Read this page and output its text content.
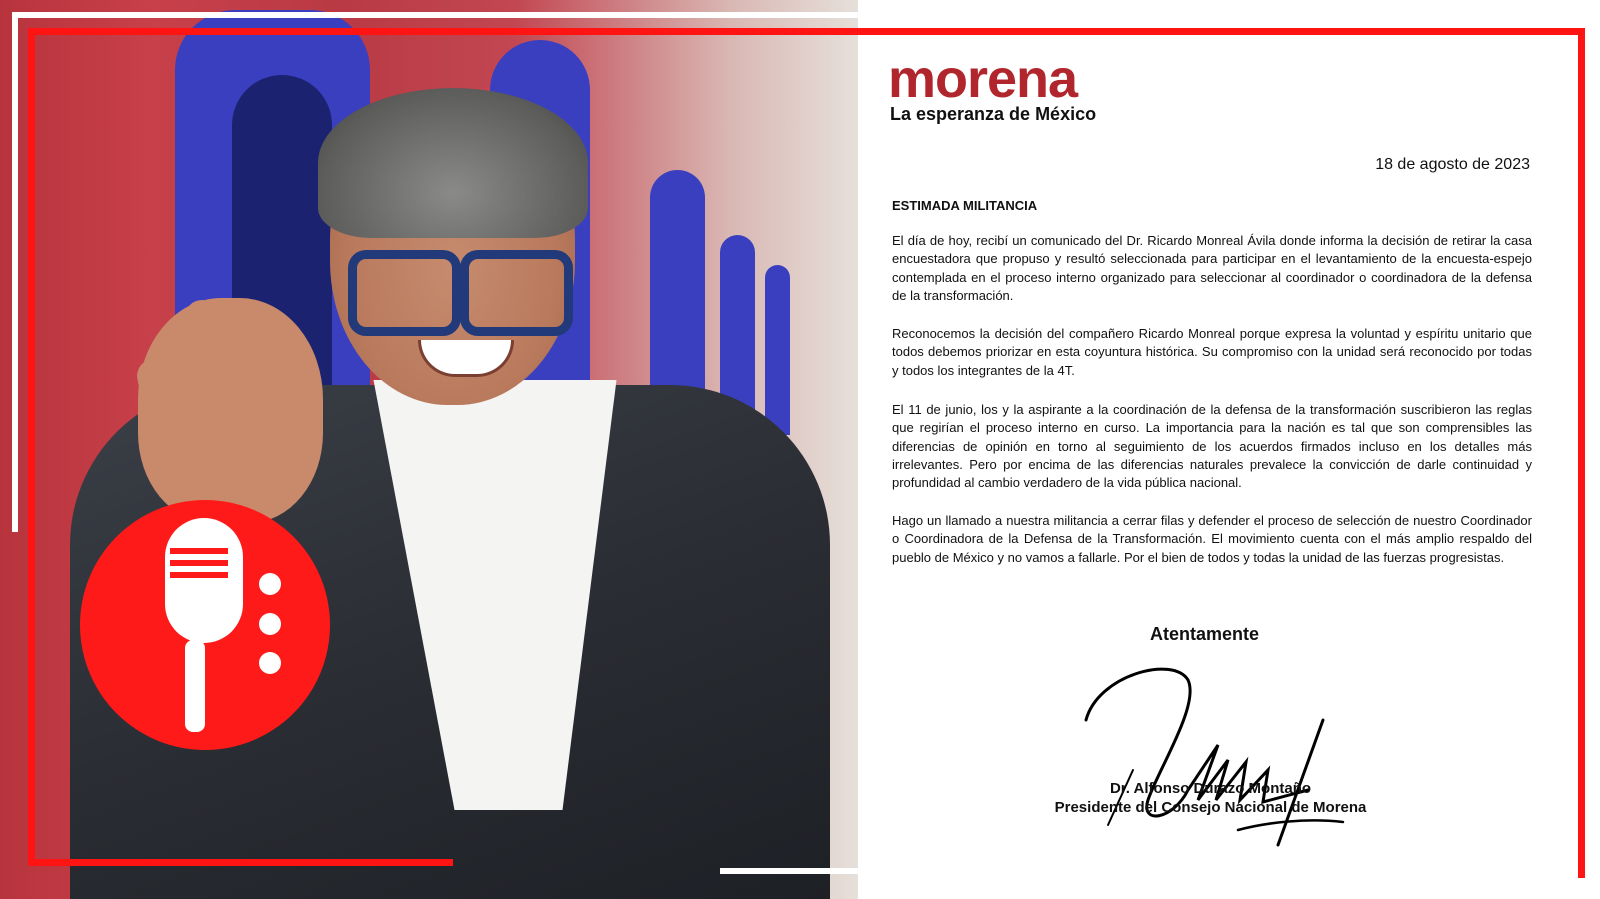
morena

La esperanza de México

18 de agosto de 2023

ESTIMADA MILITANCIA

El día de hoy, recibí un comunicado del Dr. Ricardo Monreal Ávila donde informa la decisión de retirar la casa encuestadora que propuso y resultó seleccionada para participar en el levantamiento de la encuesta-espejo contemplada en el proceso interno organizado para seleccionar al coordinador o coordinadora de la defensa de la transformación.

Reconocemos la decisión del compañero Ricardo Monreal porque expresa la voluntad y espíritu unitario que todos debemos priorizar en esta coyuntura histórica. Su compromiso con la unidad será reconocido por todas y todos los integrantes de la 4T.

El 11 de junio, los y la aspirante a la coordinación de la defensa de la transformación suscribieron las reglas que regirían el proceso interno en curso. La importancia para la nación es tal que son comprensibles las diferencias de opinión en torno al seguimiento de los acuerdos firmados incluso en los detalles más irrelevantes. Pero por encima de las diferencias naturales prevalece la convicción de darle continuidad y profundidad al cambio verdadero de la vida pública nacional.

Hago un llamado a nuestra militancia a cerrar filas y defender el proceso de selección de nuestro Coordinador o Coordinadora de la Defensa de la Transformación. El movimiento cuenta con el más amplio respaldo del pueblo de México y no vamos a fallarle. Por el bien de todos y todas la unidad de las fuerzas progresistas.

Atentamente

Dr. Alfonso Durazo Montaño

Presidente del Consejo Nacional de Morena
